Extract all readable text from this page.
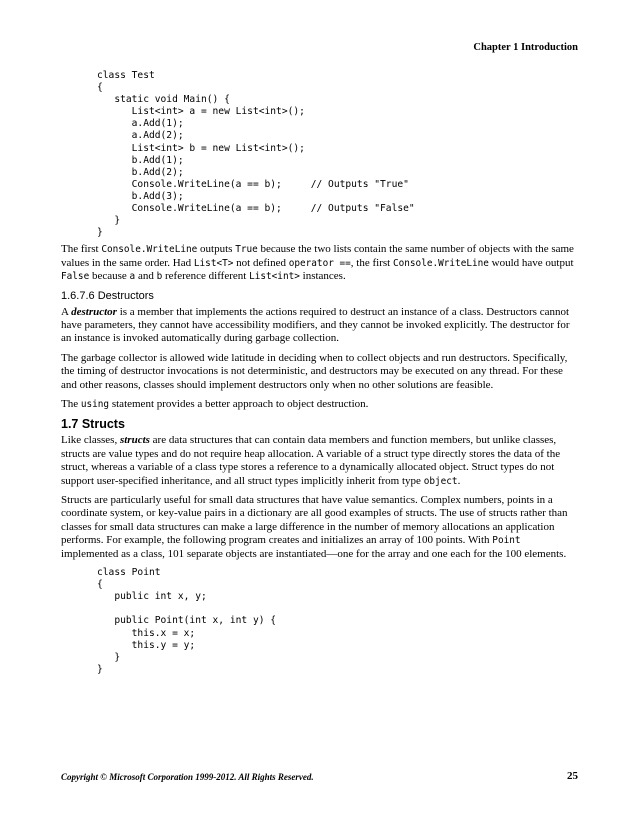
Chapter 1 Introduction
class Test
{
static void Main() {
List<int> a = new List<int>();
a.Add(1);
a.Add(2);
List<int> b = new List<int>();
b.Add(1);
b.Add(2);
Console.WriteLine(a == b);     // Outputs "True"
b.Add(3);
Console.WriteLine(a == b);     // Outputs "False"
}
}

The first Console.WriteLine outputs True because the two lists contain the same number of objects with the same values in the same order. Had List<T> not defined operator ==, the first Console.WriteLine would have output False because a and b reference different List<int> instances.

1.6.7.6 Destructors

A destructor is a member that implements the actions required to destruct an instance of a class. Destructors cannot have parameters, they cannot have accessibility modifiers, and they cannot be invoked explicitly. The destructor for an instance is invoked automatically during garbage collection.

The garbage collector is allowed wide latitude in deciding when to collect objects and run destructors. Specifically, the timing of destructor invocations is not deterministic, and destructors may be executed on any thread. For these and other reasons, classes should implement destructors only when no other solutions are feasible.

The using statement provides a better approach to object destruction.

1.7 Structs

Like classes, structs are data structures that can contain data members and function members, but unlike classes, structs are value types and do not require heap allocation. A variable of a struct type directly stores the data of the struct, whereas a variable of a class type stores a reference to a dynamically allocated object. Struct types do not support user-specified inheritance, and all struct types implicitly inherit from type object.

Structs are particularly useful for small data structures that have value semantics. Complex numbers, points in a coordinate system, or key-value pairs in a dictionary are all good examples of structs. The use of structs rather than classes for small data structures can make a large difference in the number of memory allocations an application performs. For example, the following program creates and initializes an array of 100 points. With Point implemented as a class, 101 separate objects are instantiated—one for the array and one each for the 100 elements.

class Point
{
public int x, y;

public Point(int x, int y) {
this.x = x;
this.y = y;
}
}
Copyright © Microsoft Corporation 1999-2012. All Rights Reserved.	25
